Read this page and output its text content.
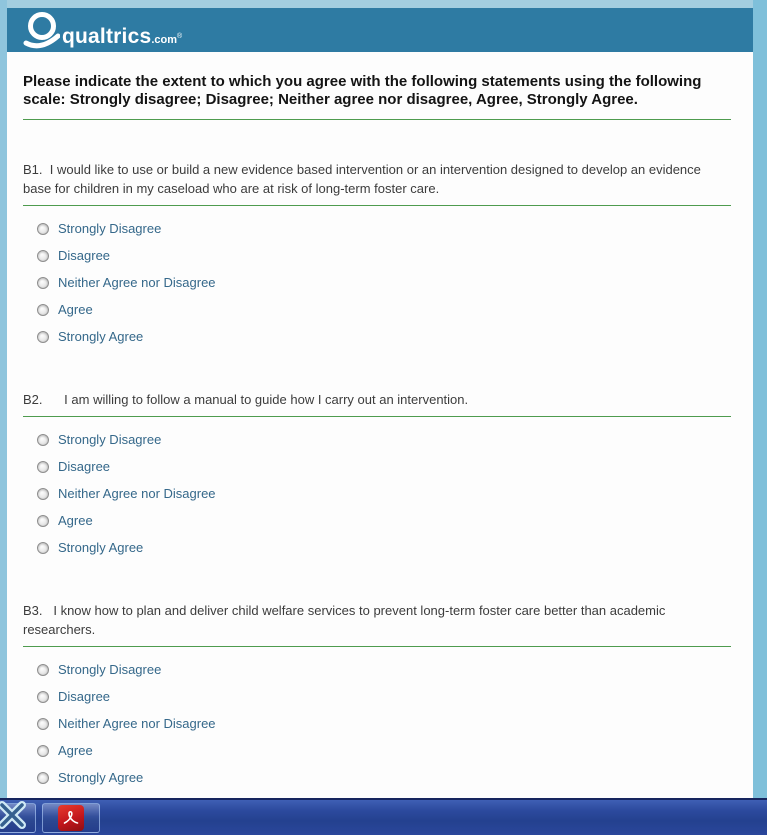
qualtrics .com ®

Please indicate the extent to which you agree with the following statements using the following scale: Strongly disagree; Disagree; Neither agree nor disagree, Agree, Strongly Agree.

B1.  I would like to use or build a new evidence based intervention or an intervention designed to develop an evidence base for children in my caseload who are at risk of long-term foster care.

Strongly Disagree
Disagree
Neither Agree nor Disagree
Agree
Strongly Agree

B2.      I am willing to follow a manual to guide how I carry out an intervention.

Strongly Disagree
Disagree
Neither Agree nor Disagree
Agree
Strongly Agree

B3.   I know how to plan and deliver child welfare services to prevent long-term foster care better than academic researchers.

Strongly Disagree
Disagree
Neither Agree nor Disagree
Agree
Strongly Agree
